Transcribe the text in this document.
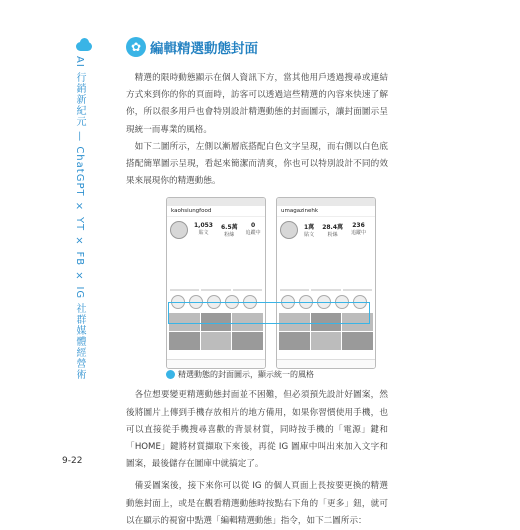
AI 行銷新紀元 — ChatGPT × YT × FB × IG 社群媒體經營術
✿ 編輯精選動態封面

精選的限時動態顯示在個人資訊下方，當其他用戶透過搜尋或連結方式來到你的你的頁面時，訪客可以透過這些精選的內容來快速了解你，所以很多用戶也會特別設計精選動態的封面圖示，讓封面圖示呈現統一而專業的風格。

如下二圖所示，左側以漸層底搭配白色文字呈現，而右側以白色底搭配簡單圖示呈現，看起來簡潔而清爽，你也可以特別設計不同的效果來展現你的精選動態。

kaohsiungfood
1,053
貼文
6.5萬
粉絲
0
追蹤中
umagazinehk
1萬
貼文
28.4萬
粉絲
236
追蹤中
精選動態的封面圖示，顯示統一的風格

各位想要變更精選動態封面並不困難，但必須預先設計好圖案，然後將圖片上傳到手機存放相片的地方備用，如果你習慣使用手機，也可以直接從手機搜尋喜歡的背景材質，同時按手機的「電源」鍵和「HOME」鍵將材質擷取下來後，再從 IG 圖庫中叫出來加入文字和圖案，最後儲存在圖庫中就搞定了。

備妥圖案後，接下來你可以從 IG 的個人頁面上長按要更換的精選動態封面上，或是在觀看精選動態時按點右下角的「更多」鈕，就可以在顯示的視窗中點選「編輯精選動態」指令，如下二圖所示：

9-22
